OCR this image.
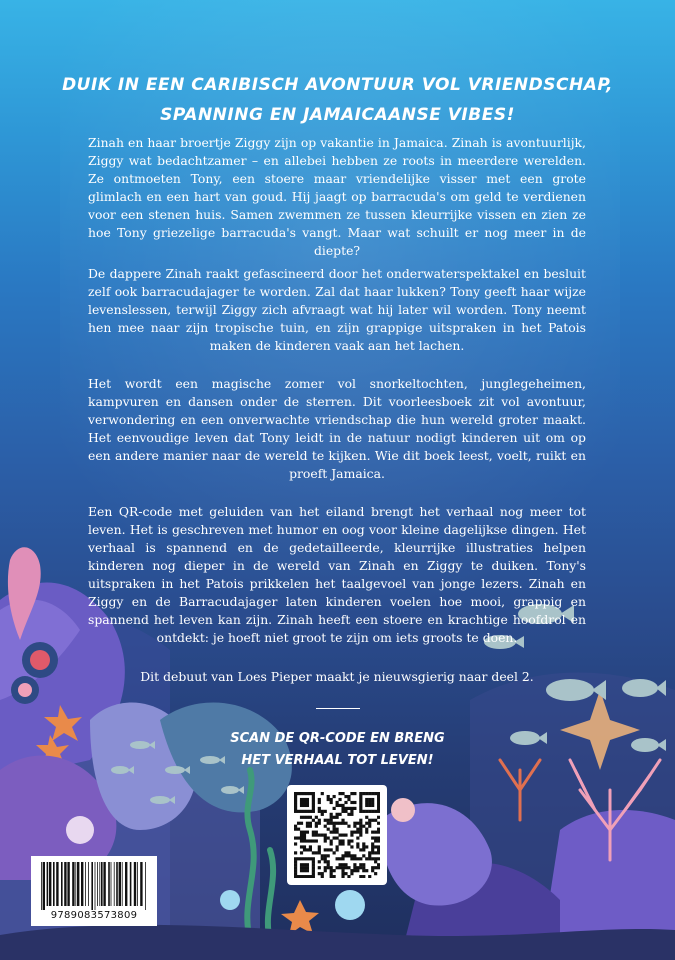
DUIK IN EEN CARIBISCH AVONTUUR VOL VRIENDSCHAP, SPANNING EN JAMAICAANSE VIBES!

Zinah en haar broertje Ziggy zijn op vakantie in Jamaica. Zinah is avontuurlijk, Ziggy wat bedachtzamer – en allebei hebben ze roots in meerdere werelden. Ze ontmoeten Tony, een stoere maar vriendelijke visser met een grote glimlach en een hart van goud. Hij jaagt op barracuda's om geld te verdienen voor een stenen huis. Samen zwemmen ze tussen kleurrijke vissen en zien ze hoe Tony griezelige barracuda's vangt. Maar wat schuilt er nog meer in de diepte?

De dappere Zinah raakt gefascineerd door het onderwaterspektakel en besluit zelf ook barracudajager te worden. Zal dat haar lukken? Tony geeft haar wijze levenslessen, terwijl Ziggy zich afvraagt wat hij later wil worden. Tony neemt hen mee naar zijn tropische tuin, en zijn grappige uitspraken in het Patois maken de kinderen vaak aan het lachen.

Het wordt een magische zomer vol snorkeltochten, junglegeheimen, kampvuren en dansen onder de sterren. Dit voorleesboek zit vol avontuur, verwondering en een onverwachte vriendschap die hun wereld groter maakt. Het eenvoudige leven dat Tony leidt in de natuur nodigt kinderen uit om op een andere manier naar de wereld te kijken. Wie dit boek leest, voelt, ruikt en proeft Jamaica.

Een QR-code met geluiden van het eiland brengt het verhaal nog meer tot leven. Het is geschreven met humor en oog voor kleine dagelijkse dingen. Het verhaal is spannend en de gedetailleerde, kleurrijke illustraties helpen kinderen nog dieper in de wereld van Zinah en Ziggy te duiken. Tony's uitspraken in het Patois prikkelen het taalgevoel van jonge lezers. Zinah en Ziggy en de Barracudajager laten kinderen voelen hoe mooi, grappig en spannend het leven kan zijn. Zinah heeft een stoere en krachtige hoofdrol en ontdekt: je hoeft niet groot te zijn om iets groots te doen.

Dit debuut van Loes Pieper maakt je nieuwsgierig naar deel 2.

SCAN DE QR-CODE EN BRENG
HET VERHAAL TOT LEVEN!

9789083573809
